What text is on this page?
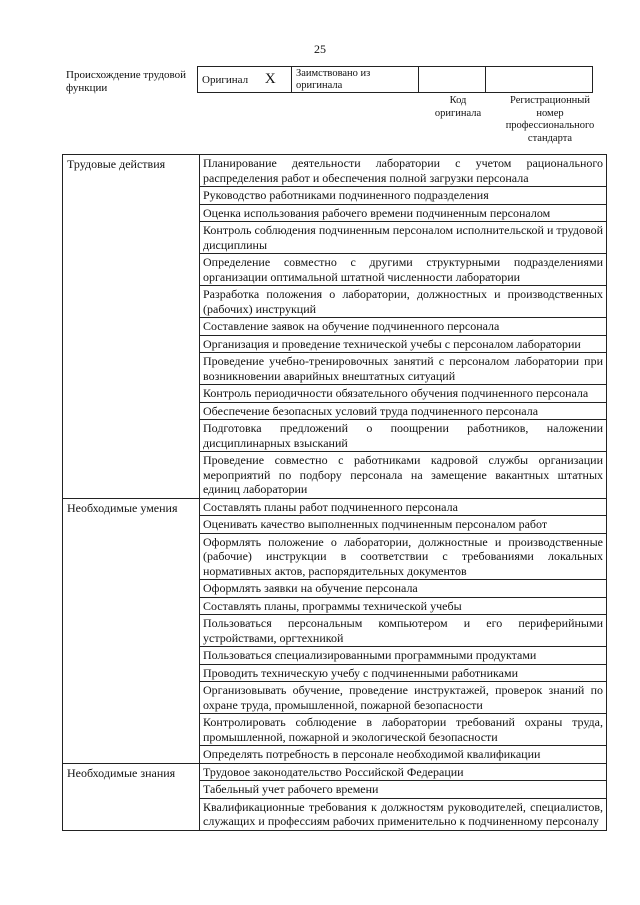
25
Происхождение трудовой функции
Оригинал X	Заимствовано из оригинала		
Код оригинала
Регистрационный номер профессионального стандарта
Трудовые действия	Планирование деятельности лаборатории с учетом рационального распределения работ и обеспечения полной загрузки персонала
	Руководство работниками подчиненного подразделения
	Оценка использования рабочего времени подчиненным персоналом
	Контроль соблюдения подчиненным персоналом исполнительской и трудовой дисциплины
	Определение совместно с другими структурными подразделениями организации оптимальной штатной численности лаборатории
	Разработка положения о лаборатории, должностных и производственных (рабочих) инструкций
	Составление заявок на обучение подчиненного персонала
	Организация и проведение технической учебы с персоналом лаборатории
	Проведение учебно-тренировочных занятий с персоналом лаборатории при возникновении аварийных внештатных ситуаций
	Контроль периодичности обязательного обучения подчиненного персонала
	Обеспечение безопасных условий труда подчиненного персонала
	Подготовка предложений о поощрении работников, наложении дисциплинарных взысканий
	Проведение совместно с работниками кадровой службы организации мероприятий по подбору персонала на замещение вакантных штатных единиц лаборатории
Необходимые умения	Составлять планы работ подчиненного персонала
	Оценивать качество выполненных подчиненным персоналом работ
	Оформлять положение о лаборатории, должностные и производственные (рабочие) инструкции в соответствии с требованиями локальных нормативных актов, распорядительных документов
	Оформлять заявки на обучение персонала
	Составлять планы, программы технической учебы
	Пользоваться персональным компьютером и его периферийными устройствами, оргтехникой
	Пользоваться специализированными программными продуктами
	Проводить техническую учебу с подчиненными работниками
	Организовывать обучение, проведение инструктажей, проверок знаний по охране труда, промышленной, пожарной безопасности
	Контролировать соблюдение в лаборатории требований охраны труда, промышленной, пожарной и экологической безопасности
	Определять потребность в персонале необходимой квалификации
Необходимые знания	Трудовое законодательство Российской Федерации
	Табельный учет рабочего времени
	Квалификационные требования к должностям руководителей, специалистов, служащих и профессиям рабочих применительно к подчиненному персоналу
